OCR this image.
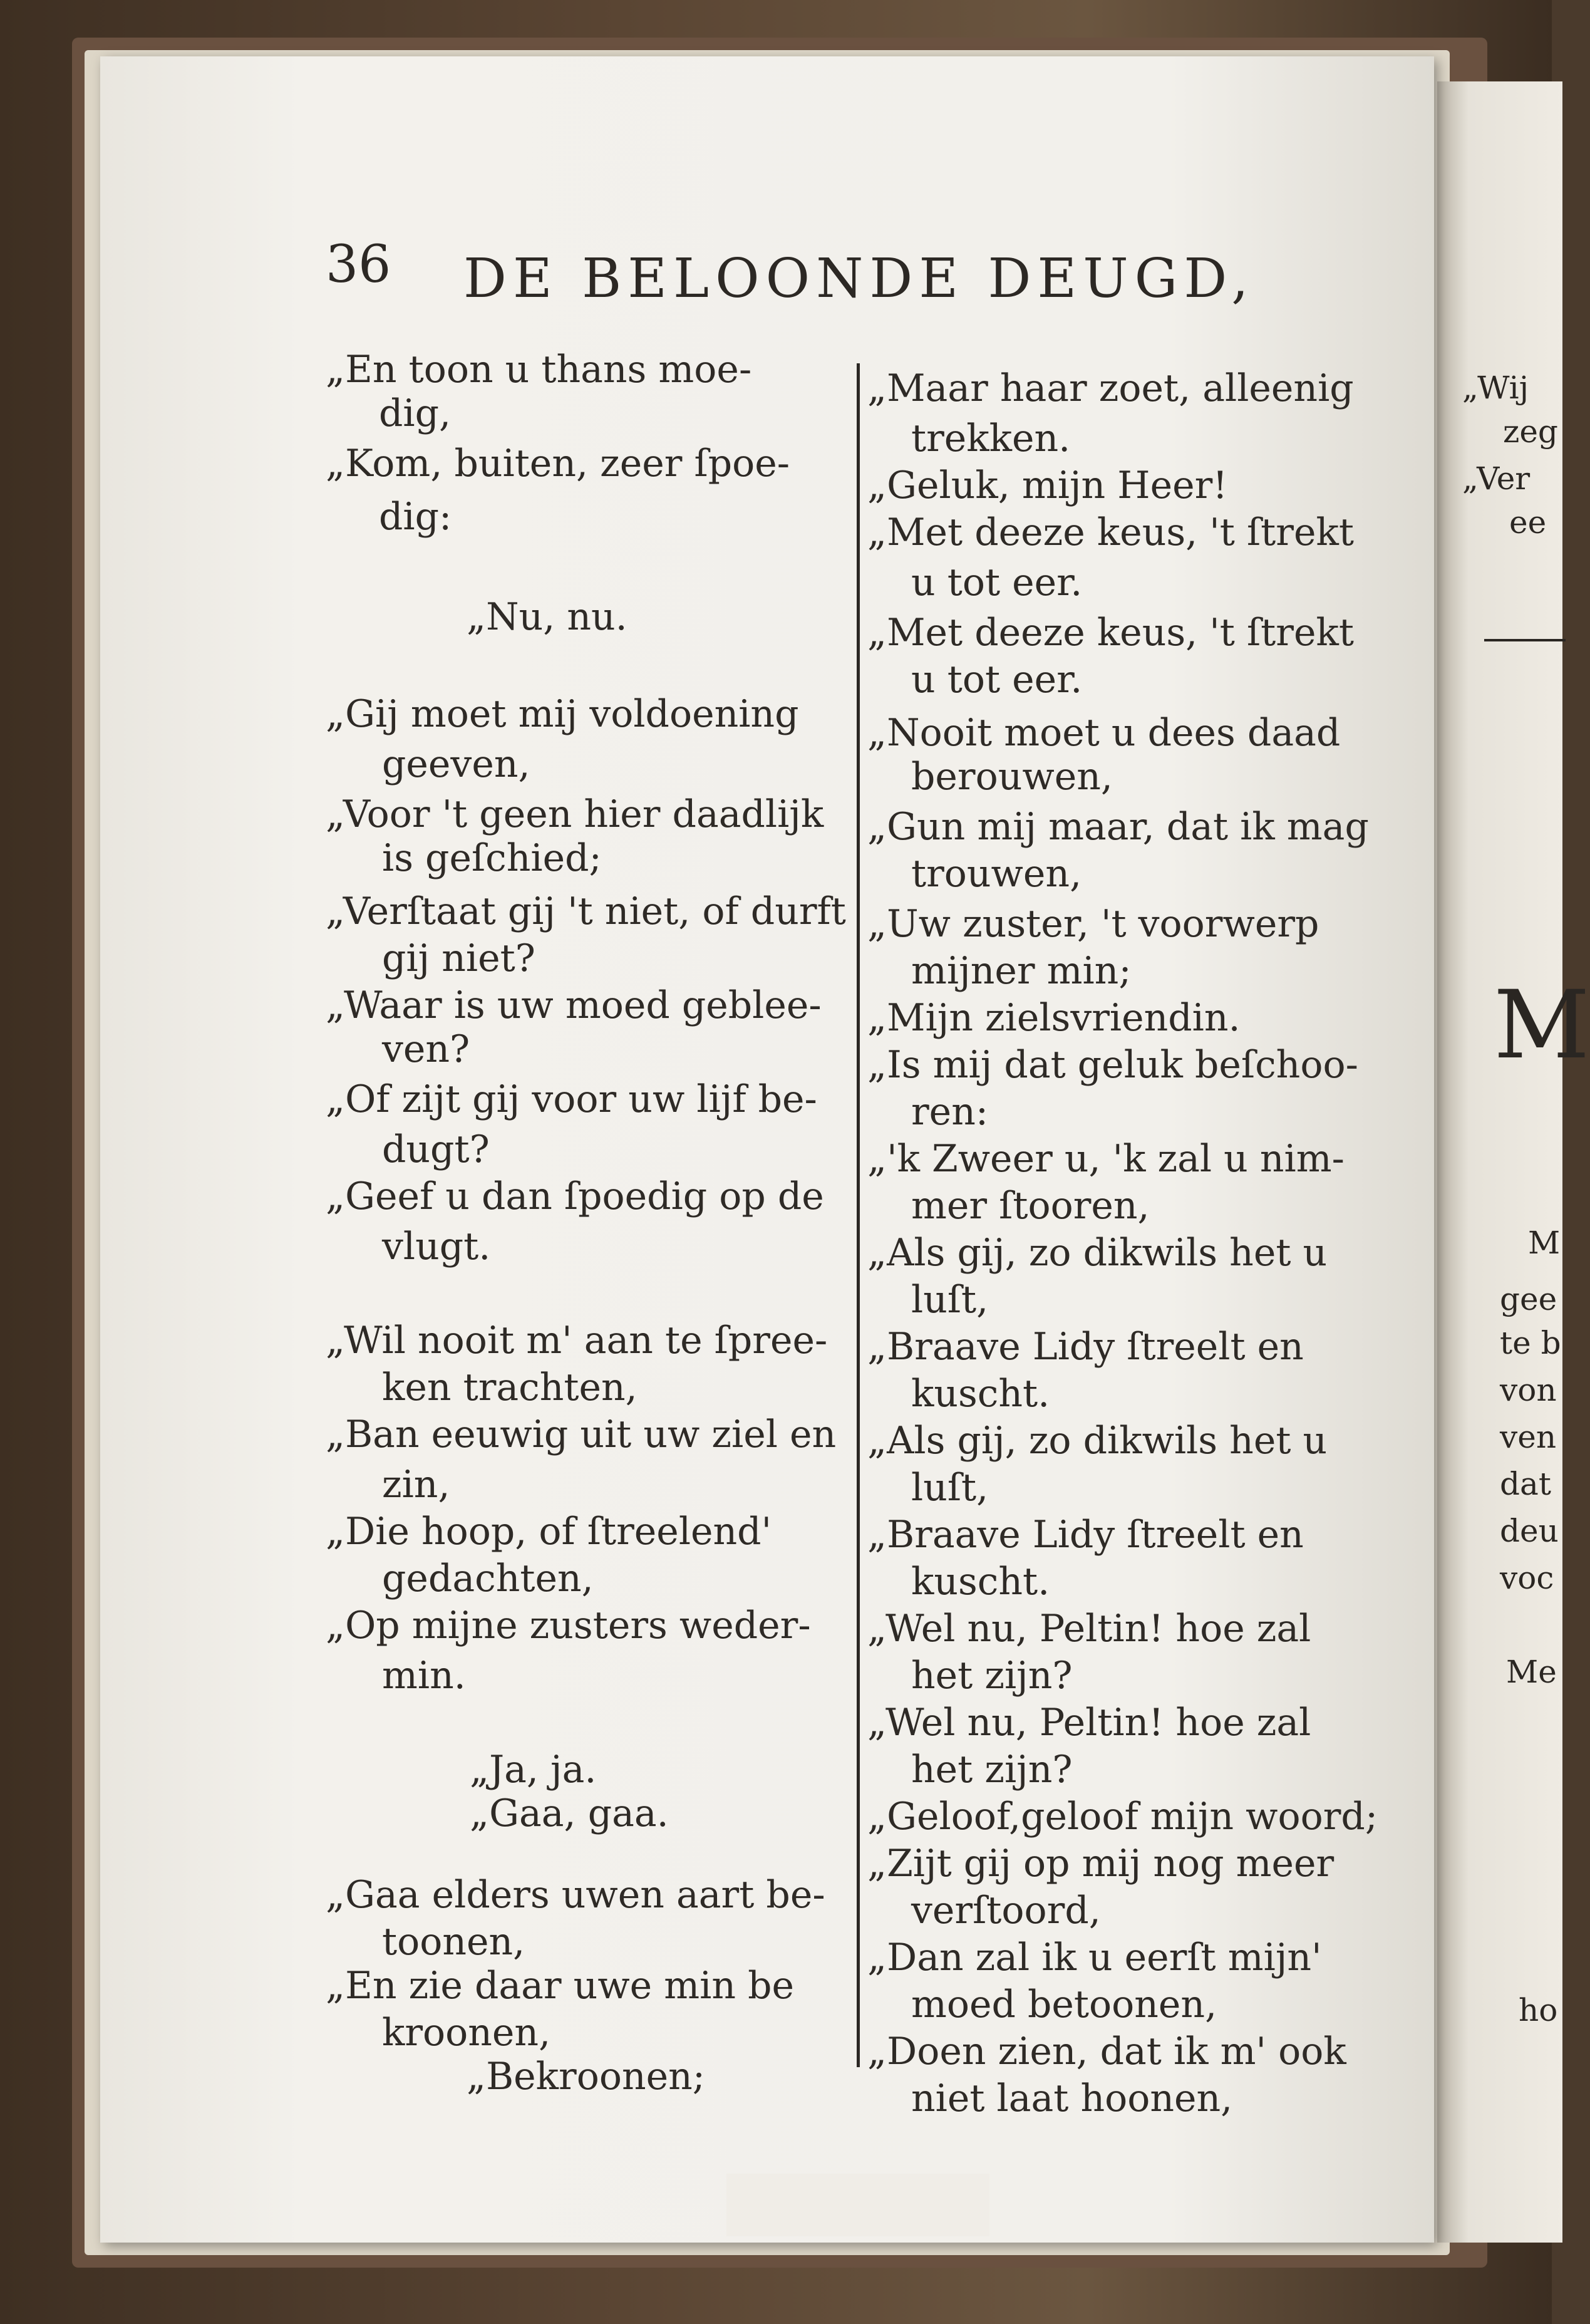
M
36 DE BELOONDE DEUGD,
„En toon u thans moe-
dig,
„Kom, buiten, zeer ſpoe-
dig:
„Nu, nu.
„Gij moet mij voldoening
geeven,
„Voor 't geen hier daadlijk
is geſchied;
„Verſtaat gij 't niet, of durft
gij niet?
„Waar is uw moed geblee-
ven?
„Of zijt gij voor uw lijf be-
dugt?
„Geef u dan ſpoedig op de
vlugt.
„Wil nooit m' aan te ſpree-
ken trachten,
„Ban eeuwig uit uw ziel en
zin,
„Die hoop, of ſtreelend'
gedachten,
„Op mijne zusters weder-
min.
„Ja, ja.
„Gaa, gaa.
„Gaa elders uwen aart be-
toonen,
„En zie daar uwe min be
kroonen,
„Bekroonen;
„Maar haar zoet, alleenig
trekken.
„Geluk, mijn Heer!
„Met deeze keus, 't ſtrekt
u tot eer.
„Met deeze keus, 't ſtrekt
u tot eer.
„Nooit moet u dees daad
berouwen,
„Gun mij maar, dat ik mag
trouwen,
„Uw zuster, 't voorwerp
mijner min;
„Mijn zielsvriendin.
„Is mij dat geluk beſchoo-
ren:
„'k Zweer u, 'k zal u nim-
mer ſtooren,
„Als gij, zo dikwils het u
luſt,
„Braave Lidy ſtreelt en
kuscht.
„Als gij, zo dikwils het u
luſt,
„Braave Lidy ſtreelt en
kuscht.
„Wel nu, Peltin! hoe zal
het zijn?
„Wel nu, Peltin! hoe zal
het zijn?
„Geloof,geloof mijn woord;
„Zijt gij op mij nog meer
verſtoord,
„Dan zal ik u eerſt mijn'
moed betoonen,
„Doen zien, dat ik m' ook
niet laat hoonen,
„Wij
zeg
„Ver
ee
M
gee
te b
von
ven
dat
deu
voc
Me
ho
